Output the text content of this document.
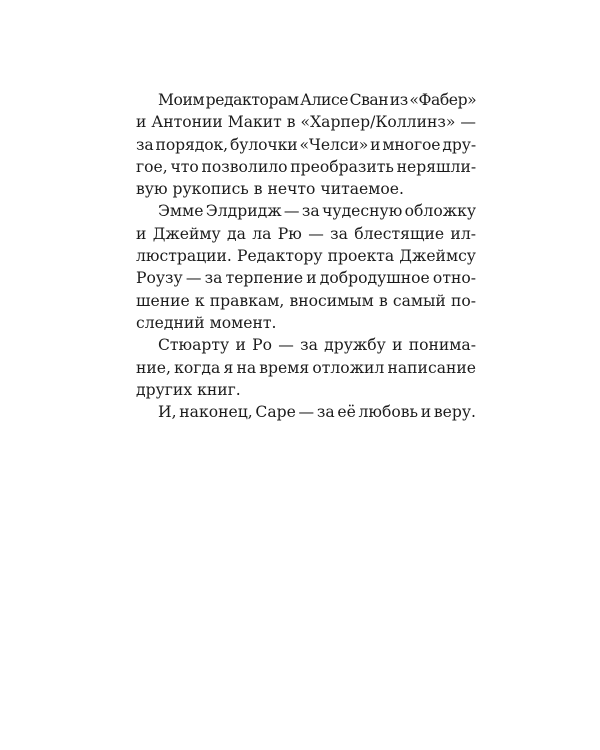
Моим редакторам Алисе Сван из «Фабер»
и Антонии Макит в «Харпер/Коллинз» —
за порядок, булочки «Челси» и многое дру-
гое, что позволило преобразить неряшли-
вую рукопись в нечто читаемое.

Эмме Элдридж — за чудесную обложку
и Джейму да ла Рю — за блестящие ил-
люстрации. Редактору проекта Джеймсу
Роузу — за терпение и добродушное отно-
шение к правкам, вносимым в самый по-
следний момент.

Стюарту и Ро — за дружбу и понима-
ние, когда я на время отложил написание
других книг.

И, наконец, Саре — за её любовь и веру.
